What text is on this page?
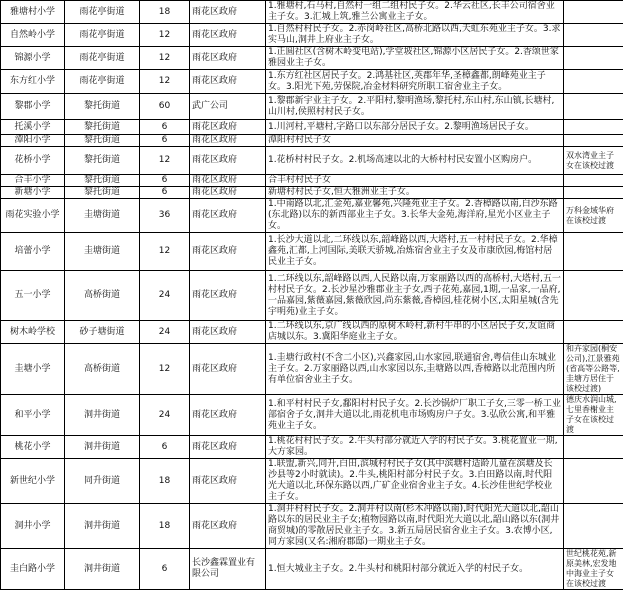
雅塘村小学	雨花亭街道	18	雨花区政府	1.雅塘村,石马村,自然村一组二组村民子女。2.华云社区,长丰公司宿舍业主子女。3.汇城上筑,雅兰公寓业主子女。	
自然岭小学	雨花亭街道	12	雨花区政府	1.自然村村民子女。2.赤岗岭社区,高桥北路以西,天虹东苑业主子女。3.求实马山,洞井上府业主子女。	
锦源小学	雨花亭街道	12	雨花区政府	1.正圆社区(含树木岭变电站),学堂坡社区,锦源小区居民子女。2.香颂世家雅园业主子女。	
东方红小学	雨花亭街道	12	雨花区政府	1.东方红社区居民子女。2.鸿基社区,英郡年华,圣樟鑫都,朗峰苑业主子女。3.阳光下苑,劳保院,冶金材料研究所职工宿舍业主子女。	
黎郡小学	黎托街道	60	武广公司	1.黎郡新宇业主子女。2.平阳村,黎明渔场,黎托村,东山村,东山镇,长塘村,山川村,侯照村村民子女。	
托溪小学	黎托街道	6	雨花区政府	1.川河村,平塘村,字路口以东部分居民子女。2.黎明渔场居民子女。	
潭阳小学	黎托街道	6	雨花区政府	潭阳村村民子女	
花桥小学	黎托街道	12	雨花区政府	1.花桥村村民子女。2.机场高速以北的大桥村村民安置小区购房户。	双水湾业主子女在该校过渡
合丰小学	黎托街道	6	雨花区政府	合丰村村民子女	
新塘小学	黎托街道	6	雨花区政府	新塘村村民子女,恒大雅洲业主子女。	
雨花实验小学	圭塘街道	36	雨花区政府	1.中南路以北,汇金苑,嘉业馨苑,兴隆苑业主子女。2.香樟路以南,白沙东路(东北路)以东的新西部业主子女。3.长华大金苑,海洋府,星光小区业主子女。	万科金域华府在该校过渡
培蕾小学	圭塘街道	12	雨花区政府	1.长沙大道以北,二环线以东,韶峰路以西,大塔村,五一村村民子女。2.华樟鑫苑,汇都,上河国际,美联天骄城,冶炼宿舍业主子女及市康欣园,梅馆村居民业主子女。	
五一小学	高桥街道	24	雨花区政府	1.二环线以东,韶峰路以西,人民路以南,万家丽路以西的高桥村,大塔村,五一村村民子女。2.长沙星沙雅郡业主子女,西子花苑,嘉园,1期,一品家,一品府,一品嘉园,紫薇嘉园,紫薇欣园,尚东紫薇,香樟园,桂花树小区,太阳星城(含先宇明苑)业主子女。	
树木岭学校	砂子塘街道	24	雨花区政府	1.二环线以东,京广线以西的原树木岭村,新村牛串的小区居民子女,友谊商店城以东。3.冀阳华庭业主子女。	
圭塘小学	高桥街道	12	雨花区政府	1.圭塘行政村(不含二小区),兴鑫家园,山水家园,联通宿舍,粤信佳山东城业主子女。2.万家丽路以西,山水家园以东,圭塘路以西,香樟路以北范围内所有单位宿舍业主子女。	和卉家园(桐安公司),江景雅苑(省高等公路等,圭塘方居住于该校过渡)
和平小学	洞井街道	24	雨花区政府	1.和平村村民子女,鄱阳村村民子女。2.长沙锅炉厂职工子女,三零一桥工业部宿舍子女,洞井大道以北,雨花机电市场购房户子女。3.弘欣公寓,和平雅苑业主子女。	德庆水润山城,七里香榭业主子女在该校过渡
桃花小学	洞井街道	6	雨花区政府	1.桃花村村民子女。2.牛头村部分就近入学的村民子女。3.桃花置业一期,大方家园。	
新世纪小学	同升街道	18	雨花区政府	1.联盟,新兴,同升,白田,滨城村村民子女(其中滨塘村适龄儿童在滨塘及长沙县等2小时就读)。2.牛头,桃阳村部分村民子女。3.白田路以南,时代阳光大道以北,环保东路以西,广矿企业宿舍业主子女。4.长沙佳世纪学校业主子女。	
洞井小学	洞井街道	18	雨花区政府	1.洞井村村民子女。2.洞井村以南(杉木冲路以南),时代阳光大道以北,韶山路以东的居民业主子女;植物园路以南,时代阳光大道以北,韶山路以东(洞井商贸城)的零散居民业主子女。3.新五局居民宿舍业主子女。3.农博小区,同方家园(又名:湘府郡邸)一期业主子女。	
圭白路小学	洞井街道	6	长沙鑫霖置业有限公司	1.恒大城业主子女。2.牛头村和桃阳村部分就近入学的村民子女。	世纪桃花苑,新原美林,宏发地中海业主子女在该校过渡
